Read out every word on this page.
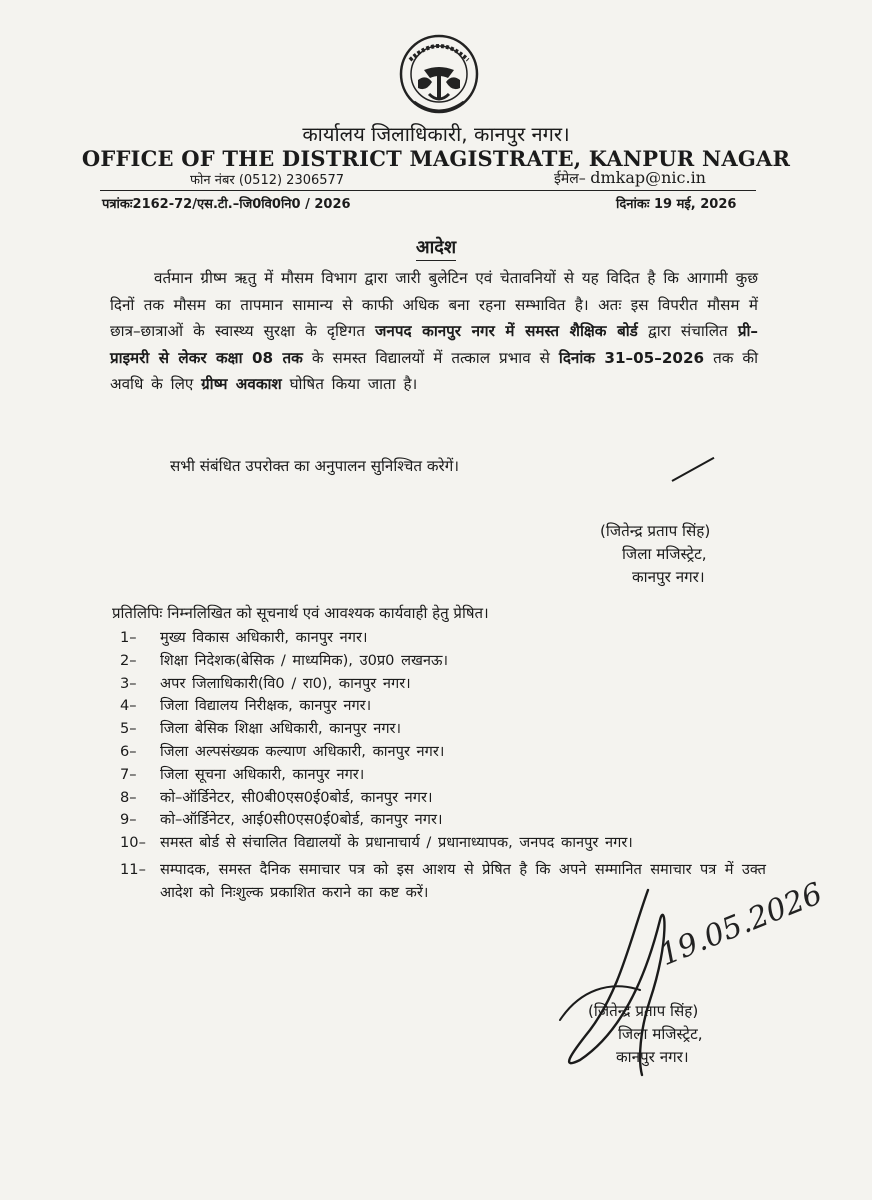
कार्यालय जिलाधिकारी, कानपुर नगर।
OFFICE OF THE DISTRICT MAGISTRATE, KANPUR NAGAR
फोन नंबर (0512) 2306577	ईमेल– dmkap@nic.in
पत्रांकः2162-72/एस.टी.–जि0वि0नि0 / 2026	दिनांकः 19 मई, 2026
आदेश
वर्तमान ग्रीष्म ऋतु में मौसम विभाग द्वारा जारी बुलेटिन एवं चेतावनियों से यह विदित है कि आगामी कुछ दिनों तक मौसम का तापमान सामान्य से काफी अधिक बना रहना सम्भावित है। अतः इस विपरीत मौसम में छात्र–छात्राओं के स्वास्थ्य सुरक्षा के दृष्टिगत जनपद कानपुर नगर में समस्त शैक्षिक बोर्ड द्वारा संचालित प्री–प्राइमरी से लेकर कक्षा 08 तक के समस्त विद्यालयों में तत्काल प्रभाव से दिनांक 31–05–2026 तक की अवधि के लिए ग्रीष्म अवकाश घोषित किया जाता है।
सभी संबंधित उपरोक्त का अनुपालन सुनिश्चित करेगें।
(जितेन्द्र प्रताप सिंह)
जिला मजिस्ट्रेट,
कानपुर नगर।
प्रतिलिपिः निम्नलिखित को सूचनार्थ एवं आवश्यक कार्यवाही हेतु प्रेषित।
1–	मुख्य विकास अधिकारी, कानपुर नगर।
2–	शिक्षा निदेशक(बेसिक / माध्यमिक), उ0प्र0 लखनऊ।
3–	अपर जिलाधिकारी(वि0 / रा0), कानपुर नगर।
4–	जिला विद्यालय निरीक्षक, कानपुर नगर।
5–	जिला बेसिक शिक्षा अधिकारी, कानपुर नगर।
6–	जिला अल्पसंख्यक कल्याण अधिकारी, कानपुर नगर।
7–	जिला सूचना अधिकारी, कानपुर नगर।
8–	को–ऑर्डिनेटर, सी0बी0एस0ई0बोर्ड, कानपुर नगर।
9–	को–ऑर्डिनेटर, आई0सी0एस0ई0बोर्ड, कानपुर नगर।
10– समस्त बोर्ड से संचालित विद्यालयों के प्रधानाचार्य / प्रधानाध्यापक, जनपद कानपुर नगर।
11– सम्पादक, समस्त दैनिक समाचार पत्र को इस आशय से प्रेषित है कि अपने सम्मानित समाचार पत्र में उक्त आदेश को निःशुल्क प्रकाशित कराने का कष्ट करें।	19.05.2026
(जितेन्द्र प्रताप सिंह)
जिला मजिस्ट्रेट,
कानपुर नगर।
